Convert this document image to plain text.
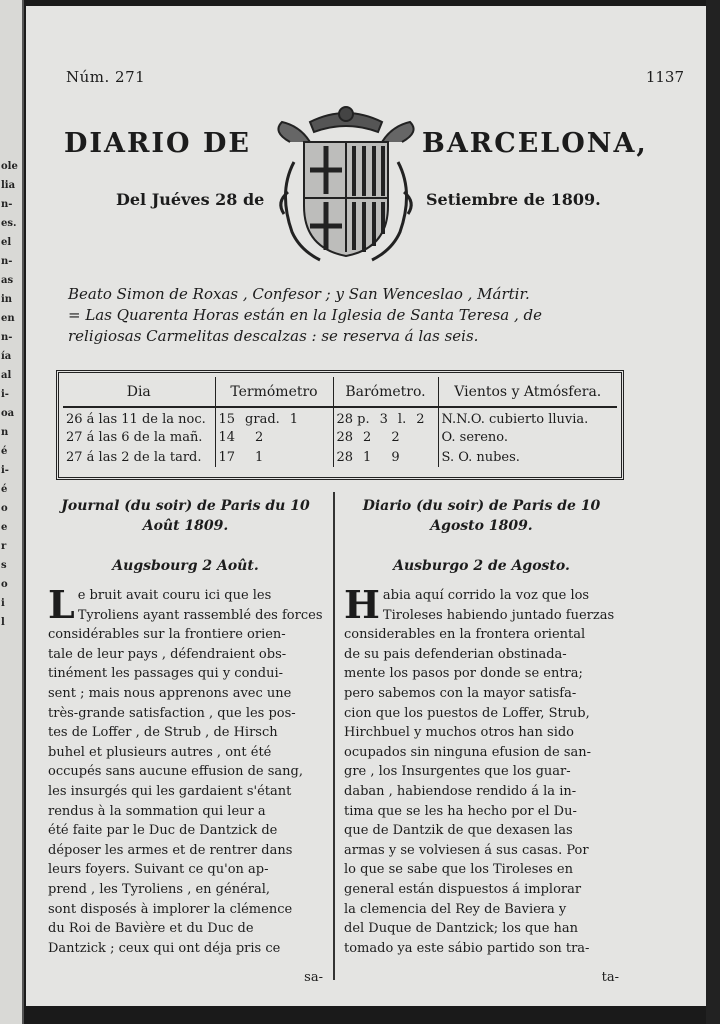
ole
lia
n-
es.
el
n-
as
in
en
n-
ía
al
i-
oa
n
é
i-
é
o
e
r
s
o
i
l
Núm. 271	1137
DIARIO DE	BARCELONA,
Del Juéves 28 de	Setiembre de 1809.
Beato Simon de Roxas , Confesor ; y San Wenceslao , Mártir.
= Las Quarenta Horas están en la Iglesia de Santa Teresa , de
religiosas Carmelitas descalzas : se reserva á las seis.
Dia	Termómetro	Barómetro.	Vientos y Atmósfera.
26 á las 11 de la noc.	15 grad. 1	28 p. 3 l. 2	N.N.O. cubierto lluvia.
27 á las 6 de la mañ.	14 2	28 2 2	O. sereno.
27 á las 2 de la tard.	17 1	28 1 9	S. O. nubes.
Journal (du soir) de Paris du 10
Août 1809.
Augsbourg 2 Août.
L e bruit avait couru ici que les
Tyroliens ayant rassemblé des forces
considérables sur la frontiere orien-
tale de leur pays , défendraient obs-
tinément les passages qui y condui-
sent ; mais nous apprenons avec une
très-grande satisfaction , que les pos-
tes de Loffer , de Strub , de Hirsch
buhel et plusieurs autres , ont été
occupés sans aucune effusion de sang,
les insurgés qui les gardaient s'étant
rendus à la sommation qui leur a
été faite par le Duc de Dantzick de
déposer les armes et de rentrer dans
leurs foyers. Suivant ce qu'on ap-
prend , les Tyroliens , en général,
sont disposés à implorer la clémence
du Roi de Bavière et du Duc de
Dantzick ; ceux qui ont déja pris ce
sa-
Diario (du soir) de Paris de 10
Agosto 1809.
Ausburgo 2 de Agosto.
H abia aquí corrido la voz que los
Tiroleses habiendo juntado fuerzas
considerables en la frontera oriental
de su pais defenderian obstinada-
mente los pasos por donde se entra;
pero sabemos con la mayor satisfa-
cion que los puestos de Loffer, Strub,
Hirchbuel y muchos otros han sido
ocupados sin ninguna efusion de san-
gre , los Insurgentes que los guar-
daban , habiendose rendido á la in-
tima que se les ha hecho por el Du-
que de Dantzik de que dexasen las
armas y se volviesen á sus casas. Por
lo que se sabe que los Tiroleses en
general están dispuestos á implorar
la clemencia del Rey de Baviera y
del Duque de Dantzick; los que han
tomado ya este sábio partido son tra-
ta-
